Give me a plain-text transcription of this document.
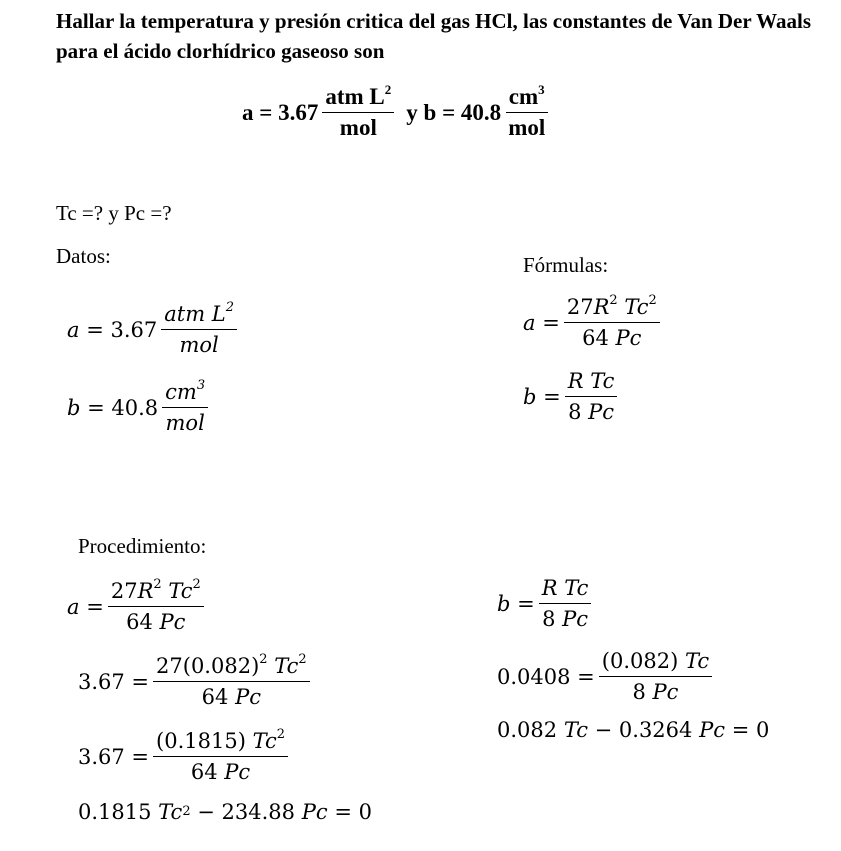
Hallar la temperatura y presión critica del gas HCl, las constantes de Van Der Waals para el ácido clorhídrico gaseoso son
$a = 3.67 \frac{atm L^2}{\text{mol}}$ y $b = 40.8 \frac{cm^3}{\text{mol}}$
Tc =? y Pc =?
Datos:	Fórmulas:
a
= $3.67 \frac{atm L^2}{\text{mol}}$
b
= $40.8 \frac{cm^3}{\text{mol}}$
a
= $\frac{27R^2 Tc^2}{64 Pc}$
b
= $\frac{\text{R Tc}}{8 Pc}$
Procedimiento:
a
= $\frac{27R^2 Tc^2}{64 Pc}$
$3.67 = \frac{27(0.082)^2 Tc^2}{64 Pc}$
$3.67 = \frac{(0.1815) Tc^2}{64 Pc}$
0.1815
Tc 2
− 234.88
Pc
= 0
b
= $\frac{\text{R Tc}}{8 Pc}$
$0.0408 = \frac{(0.082) Tc}{8 Pc}$
0.082
Tc
− 0.3264
Pc
= 0
